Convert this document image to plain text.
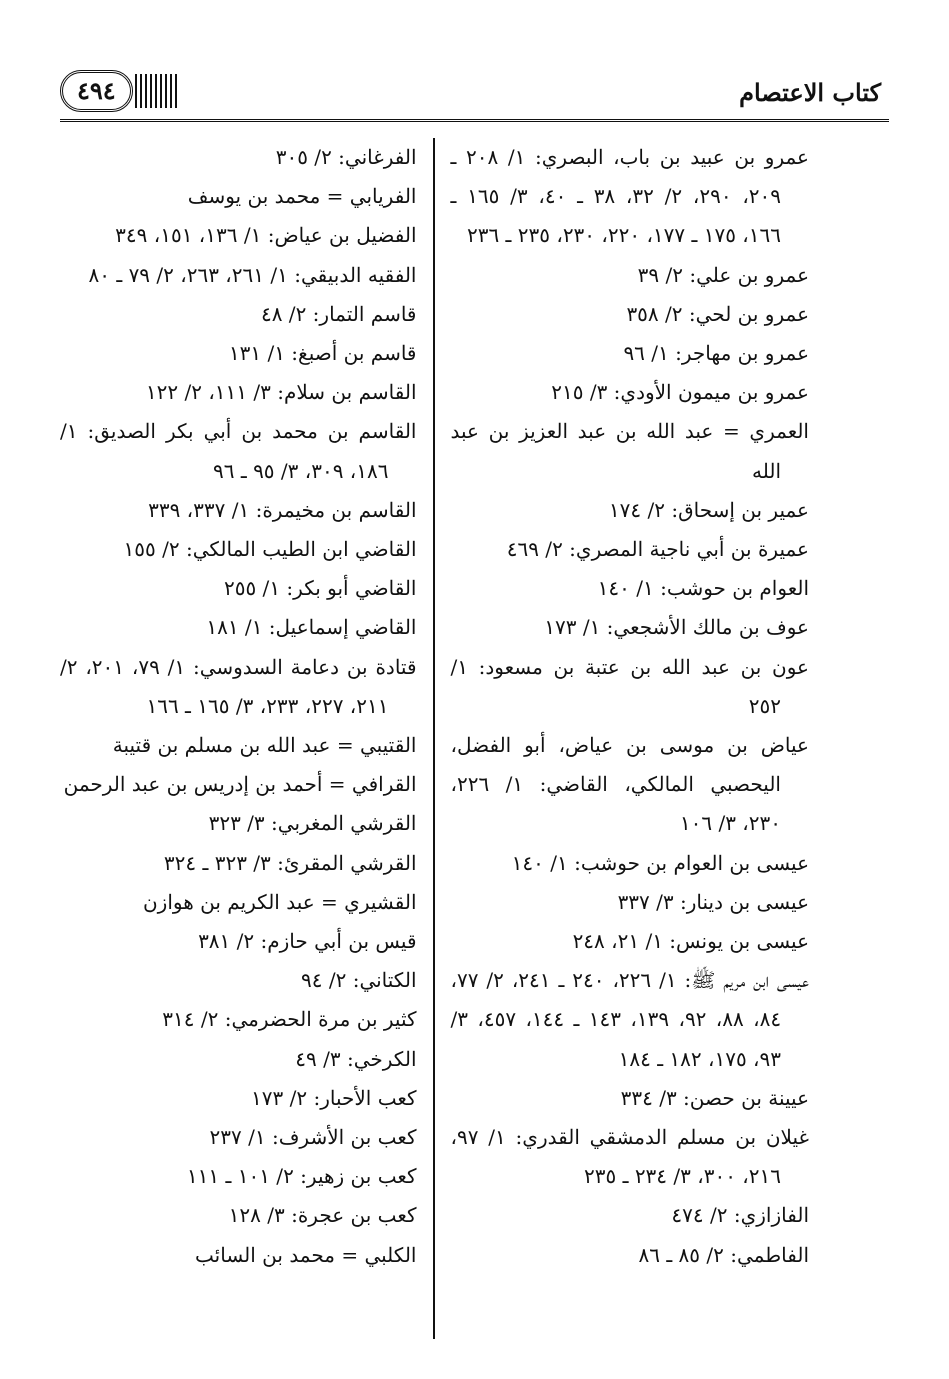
كتاب الاعتصام
٤٩٤
عمرو بن عبيد بن باب، البصري: ١/ ٢٠٨ ـ ٢٠٩، ٢٩٠، ٢/ ٣٢، ٣٨ ـ ٤٠، ٣/ ١٦٥ ـ ١٦٦، ١٧٥ ـ ١٧٧، ٢٢٠، ٢٣٠، ٢٣٥ ـ ٢٣٦
عمرو بن علي: ٢/ ٣٩
عمرو بن لحي: ٢/ ٣٥٨
عمرو بن مهاجر: ١/ ٩٦
عمرو بن ميمون الأودي: ٣/ ٢١٥
العمري = عبد الله بن عبد العزيز بن عبد الله
عمير بن إسحاق: ٢/ ١٧٤
عميرة بن أبي ناجية المصري: ٢/ ٤٦٩
العوام بن حوشب: ١/ ١٤٠
عوف بن مالك الأشجعي: ١/ ١٧٣
عون بن عبد الله بن عتبة بن مسعود: ١/ ٢٥٢
عياض بن موسى بن عياض، أبو الفضل، اليحصبي المالكي، القاضي: ١/ ٢٢٦، ٢٣٠، ٣/ ١٠٦
عيسى بن العوام بن حوشب: ١/ ١٤٠
عيسى بن دينار: ٣/ ٣٣٧
عيسى بن يونس: ١/ ٢١، ٢٤٨
عيسى ابن مريم ﷺ: ١/ ٢٢٦، ٢٤٠ ـ ٢٤١، ٢/ ٧٧، ٨٤، ٨٨، ٩٢، ١٣٩، ١٤٣ ـ ١٤٤، ٤٥٧، ٣/ ٩٣، ١٧٥، ١٨٢ ـ ١٨٤
عيينة بن حصن: ٣/ ٣٣٤
غيلان بن مسلم الدمشقي القدري: ١/ ٩٧، ٢١٦، ٣٠٠، ٣/ ٢٣٤ ـ ٢٣٥
الفازازي: ٢/ ٤٧٤
الفاطمي: ٢/ ٨٥ ـ ٨٦
الفرغاني: ٢/ ٣٠٥
الفريابي = محمد بن يوسف
الفضيل بن عياض: ١/ ١٣٦، ١٥١، ٣٤٩
الفقيه الدبيقي: ١/ ٢٦١، ٢٦٣، ٢/ ٧٩ ـ ٨٠
قاسم التمار: ٢/ ٤٨
قاسم بن أصبغ: ١/ ١٣١
القاسم بن سلام: ٣/ ١١١، ٢/ ١٢٢
القاسم بن محمد بن أبي بكر الصديق: ١/ ١٨٦، ٣٠٩، ٣/ ٩٥ ـ ٩٦
القاسم بن مخيمرة: ١/ ٣٣٧، ٣٣٩
القاضي ابن الطيب المالكي: ٢/ ١٥٥
القاضي أبو بكر: ١/ ٢٥٥
القاضي إسماعيل: ١/ ١٨١
قتادة بن دعامة السدوسي: ١/ ٧٩، ٢٠١، ٢/ ٢١١، ٢٢٧، ٢٣٣، ٣/ ١٦٥ ـ ١٦٦
القتيبي = عبد الله بن مسلم بن قتيبة
القرافي = أحمد بن إدريس بن عبد الرحمن
القرشي المغربي: ٣/ ٣٢٣
القرشي المقرئ: ٣/ ٣٢٣ ـ ٣٢٤
القشيري = عبد الكريم بن هوازن
قيس بن أبي حازم: ٢/ ٣٨١
الكتاني: ٢/ ٩٤
كثير بن مرة الحضرمي: ٢/ ٣١٤
الكرخي: ٣/ ٤٩
كعب الأحبار: ٢/ ١٧٣
كعب بن الأشرف: ١/ ٢٣٧
كعب بن زهير: ٢/ ١٠١ ـ ١١١
كعب بن عجرة: ٣/ ١٢٨
الكلبي = محمد بن السائب
